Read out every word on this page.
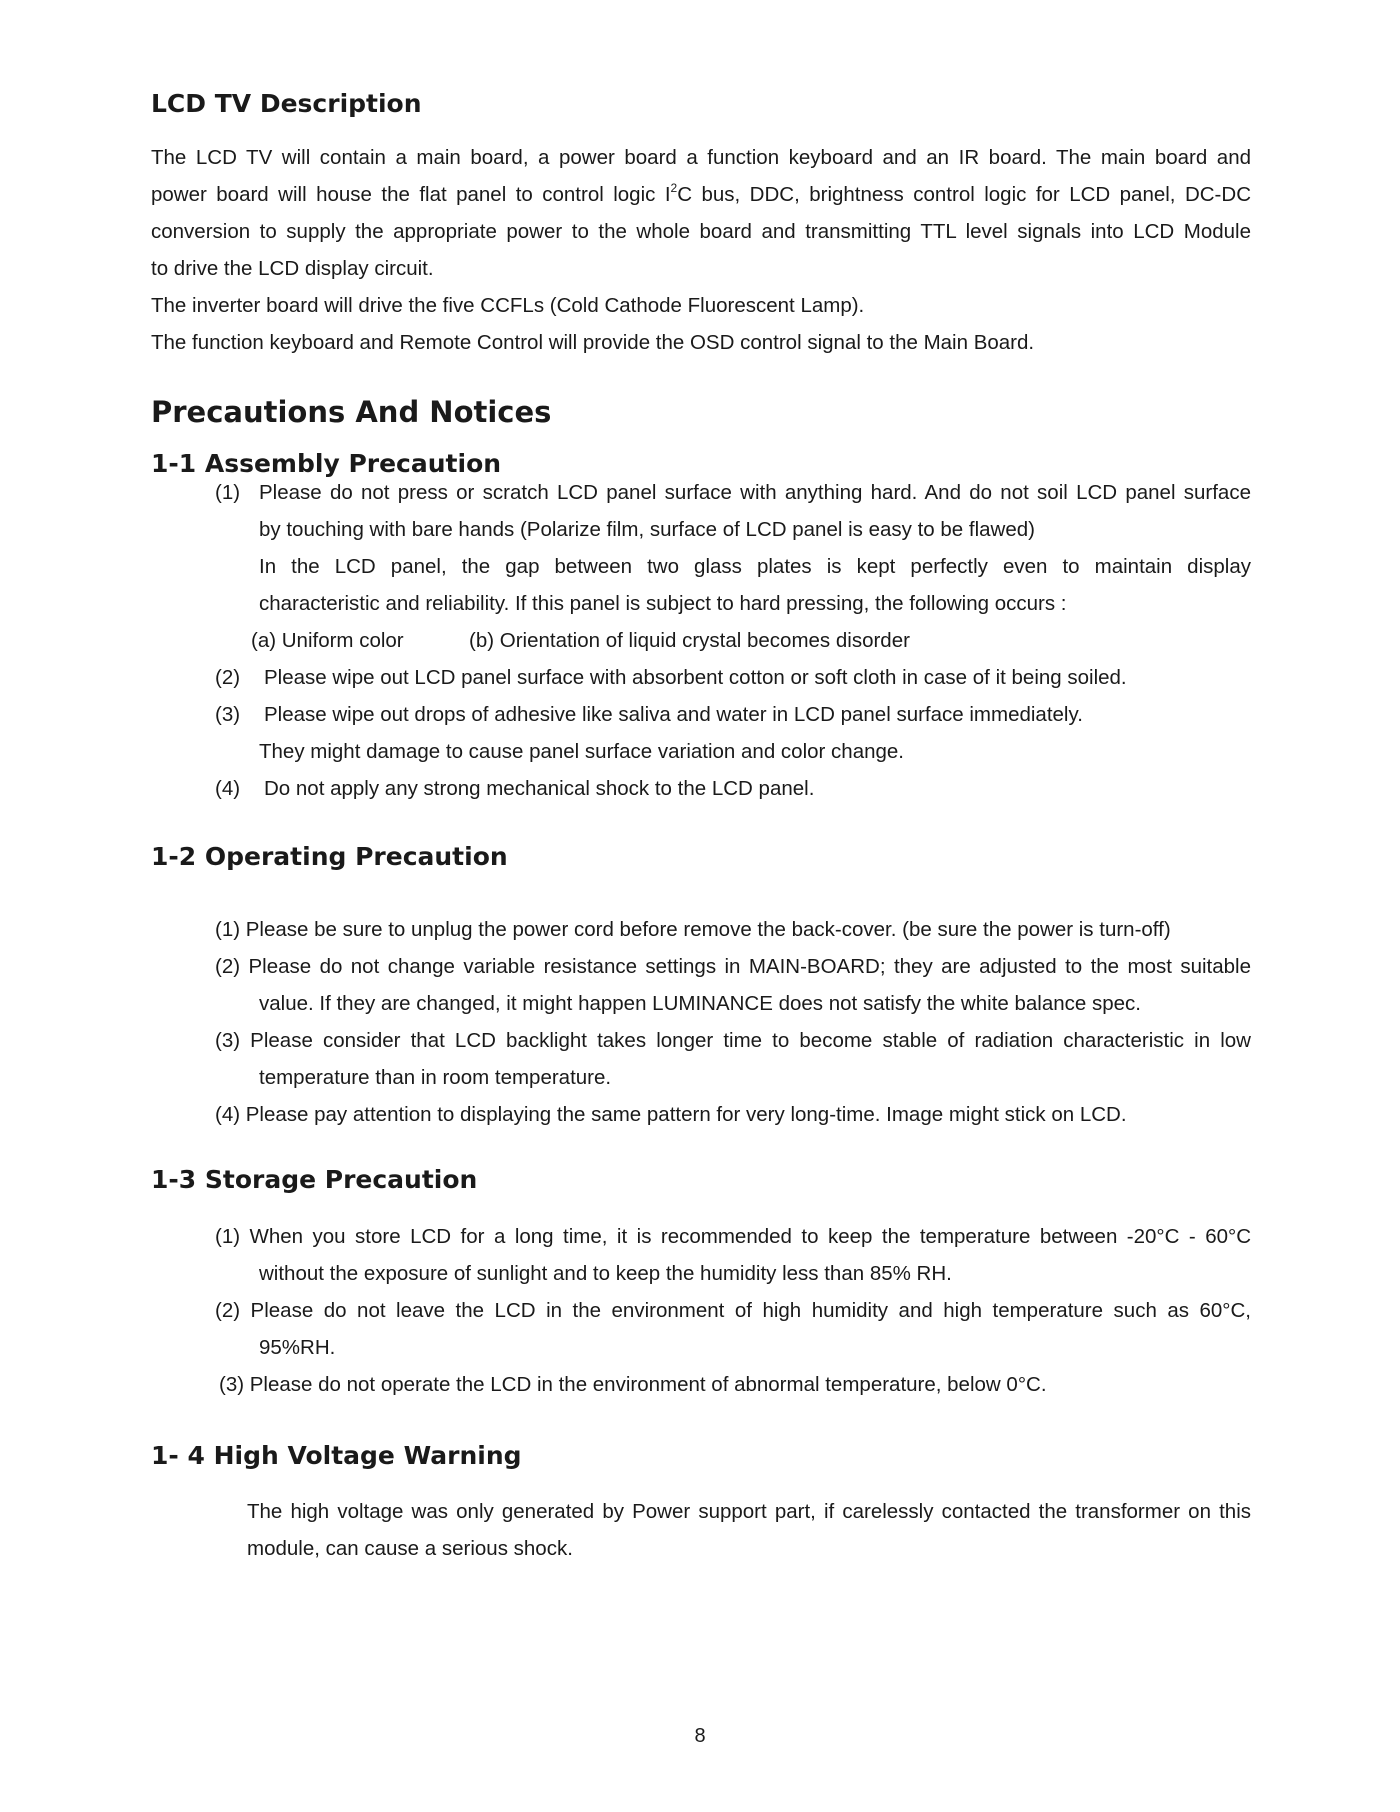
LCD TV Description
The LCD TV will contain a main board, a power board a function keyboard and an IR board. The main board and
power board will house the flat panel to control logic $I^2C$ bus, DDC, brightness control logic for LCD panel, DC-DC
conversion to supply the appropriate power to the whole board and transmitting TTL level signals into LCD Module
to drive the LCD display circuit.
The inverter board will drive the five CCFLs (Cold Cathode Fluorescent Lamp).
The function keyboard and Remote Control will provide the OSD control signal to the Main Board.
Precautions And Notices
1-1 Assembly Precaution
(1) Please do not press or scratch LCD panel surface with anything hard. And do not soil LCD panel surface
by touching with bare hands (Polarize film, surface of LCD panel is easy to be flawed)
In the LCD panel, the gap between two glass plates is kept perfectly even to maintain display
characteristic and reliability. If this panel is subject to hard pressing, the following occurs :
(a) Uniform color	(b) Orientation of liquid crystal becomes disorder
(2) Please wipe out LCD panel surface with absorbent cotton or soft cloth in case of it being soiled.
(3) Please wipe out drops of adhesive like saliva and water in LCD panel surface immediately.
They might damage to cause panel surface variation and color change.
(4) Do not apply any strong mechanical shock to the LCD panel.
1-2 Operating Precaution
(1) Please be sure to unplug the power cord before remove the back-cover. (be sure the power is turn-off)
(2) Please do not change variable resistance settings in MAIN-BOARD; they are adjusted to the most suitable
value. If they are changed, it might happen LUMINANCE does not satisfy the white balance spec.
(3) Please consider that LCD backlight takes longer time to become stable of radiation characteristic in low
temperature than in room temperature.
(4) Please pay attention to displaying the same pattern for very long-time. Image might stick on LCD.
1-3 Storage Precaution
(1) When you store LCD for a long time, it is recommended to keep the temperature between -20°C - 60°C
without the exposure of sunlight and to keep the humidity less than 85% RH.
(2) Please do not leave the LCD in the environment of high humidity and high temperature such as 60°C,
95%RH.
(3) Please do not operate the LCD in the environment of abnormal temperature, below 0°C.
1- 4 High Voltage Warning
The high voltage was only generated by Power support part, if carelessly contacted the transformer on this
module, can cause a serious shock.
8
